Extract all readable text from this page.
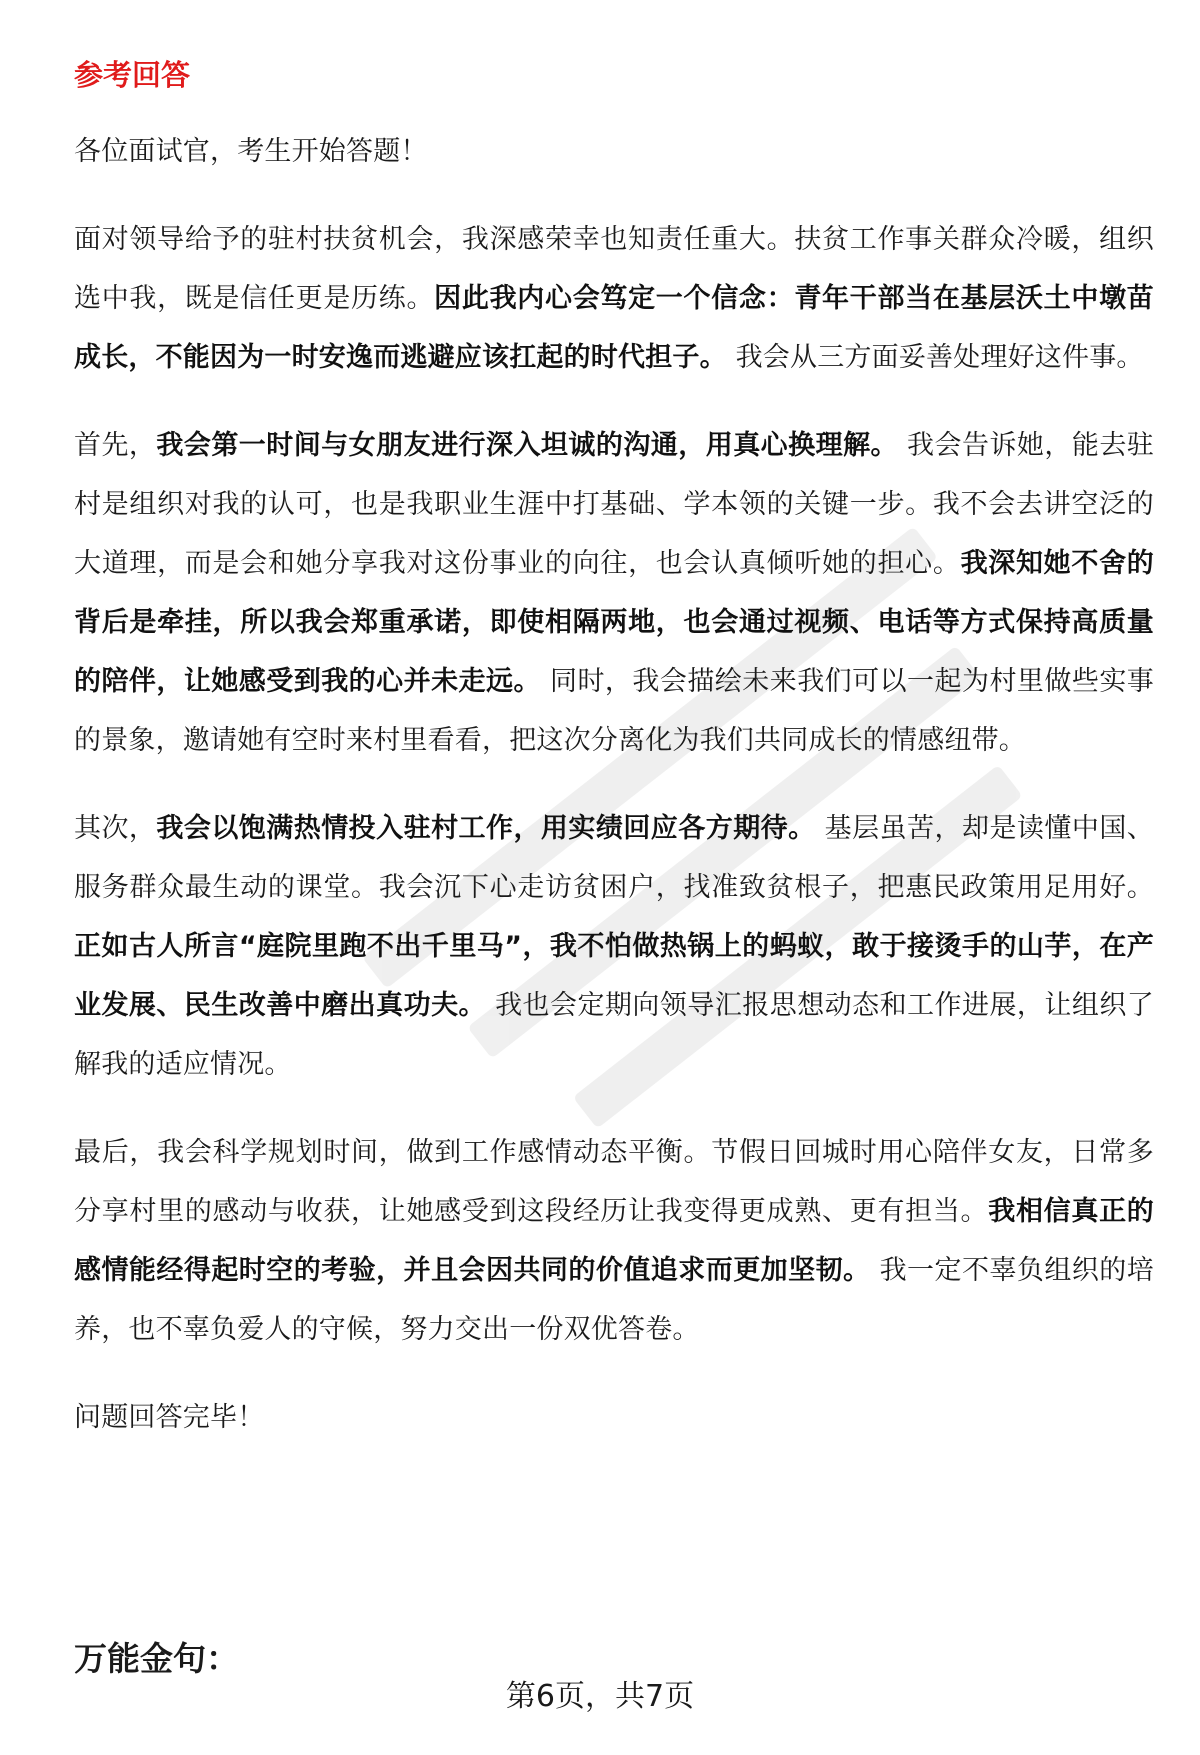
参考回答

各位面试官，考生开始答题！

面对领导给予的驻村扶贫机会，我深感荣幸也知责任重大。扶贫工作事关群众冷暖，组织选中我，既是信任更是历练。因此我内心会笃定一个信念：青年干部当在基层沃土中墩苗成长，不能因为一时安逸而逃避应该扛起的时代担子。 我会从三方面妥善处理好这件事。

首先，我会第一时间与女朋友进行深入坦诚的沟通，用真心换理解。 我会告诉她，能去驻村是组织对我的认可，也是我职业生涯中打基础、学本领的关键一步。我不会去讲空泛的大道理，而是会和她分享我对这份事业的向往，也会认真倾听她的担心。我深知她不舍的背后是牵挂，所以我会郑重承诺，即使相隔两地，也会通过视频、电话等方式保持高质量的陪伴，让她感受到我的心并未走远。 同时，我会描绘未来我们可以一起为村里做些实事的景象，邀请她有空时来村里看看，把这次分离化为我们共同成长的情感纽带。

其次，我会以饱满热情投入驻村工作，用实绩回应各方期待。 基层虽苦，却是读懂中国、服务群众最生动的课堂。我会沉下心走访贫困户，找准致贫根子，把惠民政策用足用好。正如古人所言“庭院里跑不出千里马”，我不怕做热锅上的蚂蚁，敢于接烫手的山芋，在产业发展、民生改善中磨出真功夫。 我也会定期向领导汇报思想动态和工作进展，让组织了解我的适应情况。

最后，我会科学规划时间，做到工作感情动态平衡。节假日回城时用心陪伴女友，日常多分享村里的感动与收获，让她感受到这段经历让我变得更成熟、更有担当。我相信真正的感情能经得起时空的考验，并且会因共同的价值追求而更加坚韧。 我一定不辜负组织的培养，也不辜负爱人的守候，努力交出一份双优答卷。

问题回答完毕！

万能金句：
第6页，共7页
